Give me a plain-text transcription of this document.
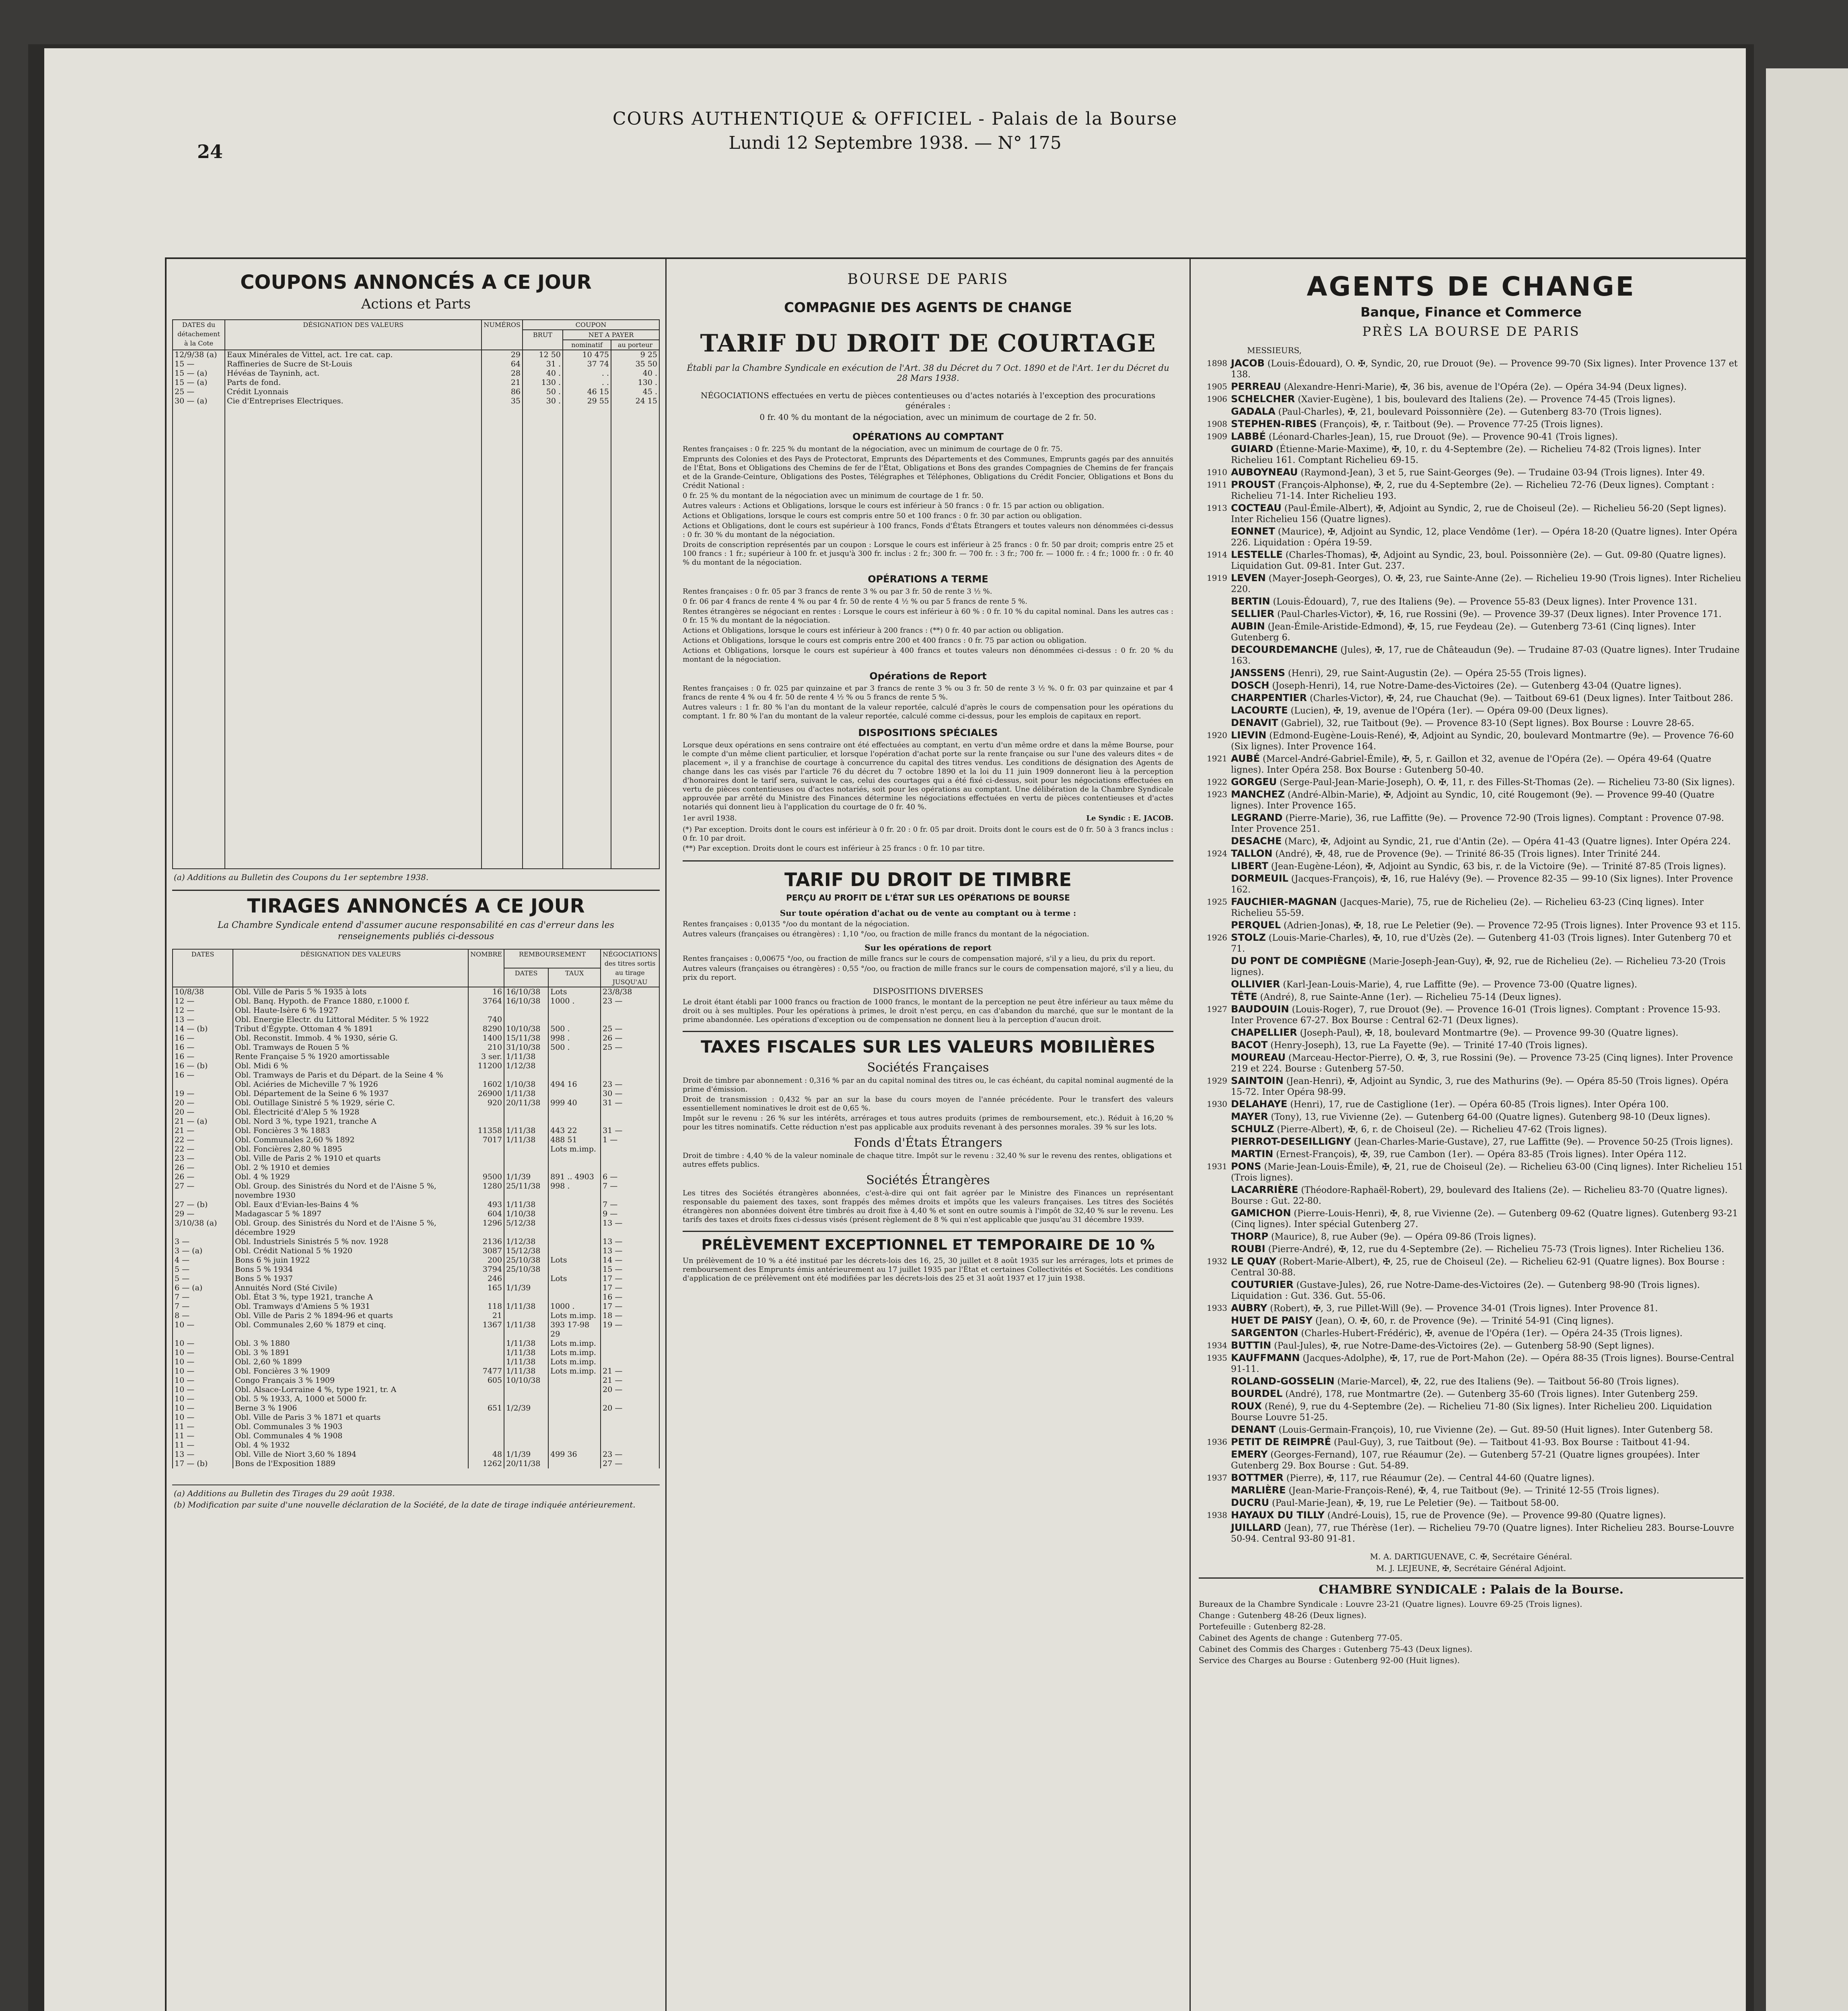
24
COURS AUTHENTIQUE & OFFICIEL - Palais de la Bourse
Lundi 12 Septembre 1938. — N° 175
COUPONS ANNONCÉS A CE JOUR
Actions et Parts
DATES du détachement à la Cote	DÉSIGNATION DES VALEURS	NUMÉROS	COUPON		
			BRUT	NET A PAYER	
				nominatif	au porteur
12/9/38 (a)	Eaux Minérales de Vittel, act. 1re cat. cap.	29	12 50	10 475	9 25
15 —	Raffineries de Sucre de St-Louis	64	31 .	37 74	35 50
15 — (a)	Hévéas de Tayninh, act.	28	40 .	. .	40 .
15 — (a)	Parts de fond.	21	130 .	. .	130 .
25 —	Crédit Lyonnais	86	50 .	46 15	45 .
30 — (a)	Cie d'Entreprises Electriques.	35	30 .	29 55	24 15

(a) Additions au Bulletin des Coupons du 1er septembre 1938.
TIRAGES ANNONCÉS A CE JOUR
La Chambre Syndicale entend d'assumer aucune responsabilité en cas d'erreur dans les renseignements publiés ci-dessous
DATES	DÉSIGNATION DES VALEURS	NOMBRE	REMBOURSEMENT		NÉGOCIATIONS des titres sortis au tirage JUSQU'AU
			DATES	TAUX	
10/8/38	Obl. Ville de Paris 5 % 1935 à lots	16	16/10/38	Lots	23/8/38
12 —	Obl. Banq. Hypoth. de France 1880, r.1000 f.	3764	16/10/38	1000 .	23 —
12 —	Obl. Haute-Isère 6 % 1927				
13 —	Obl. Energie Electr. du Littoral Méditer. 5 % 1922	740			
14 — (b)	Tribut d'Égypte. Ottoman 4 % 1891	8290	10/10/38	500 .	25 —
16 —	Obl. Reconstit. Immob. 4 % 1930, série G.	1400	15/11/38	998 .	26 —
16 —	Obl. Tramways de Rouen 5 %	210	31/10/38	500 .	25 —
16 —	Rente Française 5 % 1920 amortissable	3 ser.	1/11/38		
16 — (b)	Obl. Midi 6 %	11200	1/12/38		
16 —	Obl. Tramways de Paris et du Départ. de la Seine 4 %				
	Obl. Aciéries de Micheville 7 % 1926	1602	1/10/38	494 16	23 —
19 —	Obl. Département de la Seine 6 % 1937	26900	1/11/38		30 —
20 —	Obl. Outillage Sinistré 5 % 1929, série C.	920	20/11/38	999 40	31 —
20 —	Obl. Électricité d'Alep 5 % 1928				
21 — (a)	Obl. Nord 3 %, type 1921, tranche A				
21 —	Obl. Foncières 3 % 1883	11358	1/11/38	443 22	31 —
22 —	Obl. Communales 2,60 % 1892	7017	1/11/38	488 51	1 —
22 —	Obl. Foncières 2,80 % 1895			Lots m.imp.	
23 —	Obl. Ville de Paris 2 % 1910 et quarts				
26 —	Obl. 2 % 1910 et demies				
26 —	Obl. 4 % 1929	9500	1/1/39	891 .. 4903	6 —
27 —	Obl. Group. des Sinistrés du Nord et de l'Aisne 5 %, novembre 1930	1280	25/11/38	998 .	7 —
27 — (b)	Obl. Eaux d'Evian-les-Bains 4 %	493	1/11/38		7 —
29 —	Madagascar 5 % 1897	604	1/10/38		9 —
3/10/38 (a)	Obl. Group. des Sinistrés du Nord et de l'Aisne 5 %, décembre 1929	1296	5/12/38		13 —
3 —	Obl. Industriels Sinistrés 5 % nov. 1928	2136	1/12/38		13 —
3 — (a)	Obl. Crédit National 5 % 1920	3087	15/12/38		13 —
4 —	Bons 6 % juin 1922	200	25/10/38	Lots	14 —
5 —	Bons 5 % 1934	3794	25/10/38		15 —
5 —	Bons 5 % 1937	246		Lots	17 —
6 — (a)	Annuités Nord (Sté Civile)	165	1/1/39		17 —
7 —	Obl. État 3 %, type 1921, tranche A				16 —
7 —	Obl. Tramways d'Amiens 5 % 1931	118	1/11/38	1000 .	17 —
8 —	Obl. Ville de Paris 2 % 1894-96 et quarts	21		Lots m.imp.	18 —
10 —	Obl. Communales 2,60 % 1879 et cinq.	1367	1/11/38	393 17-98 29	19 —
10 —	Obl. 3 % 1880		1/11/38	Lots m.imp.	
10 —	Obl. 3 % 1891		1/11/38	Lots m.imp.	
10 —	Obl. 2,60 % 1899		1/11/38	Lots m.imp.	
10 —	Obl. Foncières 3 % 1909	7477	1/11/38	Lots m.imp.	21 —
10 —	Congo Français 3 % 1909	605	10/10/38		21 —
10 —	Obl. Alsace-Lorraine 4 %, type 1921, tr. A				20 —
10 —	Obl. 5 % 1933, A, 1000 et 5000 fr.				
10 —	Berne 3 % 1906	651	1/2/39		20 —
10 —	Obl. Ville de Paris 3 % 1871 et quarts				
11 —	Obl. Communales 3 % 1903				
11 —	Obl. Communales 4 % 1908				
11 —	Obl. 4 % 1932				
13 —	Obl. Ville de Niort 3,60 % 1894	48	1/1/39	499 36	23 —
17 — (b)	Bons de l'Exposition 1889	1262	20/11/38		27 —

(a) Additions au Bulletin des Tirages du 29 août 1938.

(b) Modification par suite d'une nouvelle déclaration de la Société, de la date de tirage indiquée antérieurement.

BOURSE DE PARIS
COMPAGNIE DES AGENTS DE CHANGE
TARIF DU DROIT DE COURTAGE
Établi par la Chambre Syndicale en exécution de l'Art. 38 du Décret du 7 Oct. 1890 et de l'Art. 1er du Décret du 28 Mars 1938.
NÉGOCIATIONS effectuées en vertu de pièces contentieuses ou d'actes notariés à l'exception des procurations générales :
0 fr. 40 % du montant de la négociation, avec un minimum de courtage de 2 fr. 50.
OPÉRATIONS AU COMPTANT

Rentes françaises : 0 fr. 225 % du montant de la négociation, avec un minimum de courtage de 0 fr. 75.

Emprunts des Colonies et des Pays de Protectorat, Emprunts des Départements et des Communes, Emprunts gagés par des annuités de l'État, Bons et Obligations des Chemins de fer de l'État, Obligations et Bons des grandes Compagnies de Chemins de fer français et de la Grande-Ceinture, Obligations des Postes, Télégraphes et Téléphones, Obligations du Crédit Foncier, Obligations et Bons du Crédit National :

0 fr. 25 % du montant de la négociation avec un minimum de courtage de 1 fr. 50.

Autres valeurs : Actions et Obligations, lorsque le cours est inférieur à 50 francs : 0 fr. 15 par action ou obligation.

Actions et Obligations, lorsque le cours est compris entre 50 et 100 francs : 0 fr. 30 par action ou obligation.

Actions et Obligations, dont le cours est supérieur à 100 francs, Fonds d'États Étrangers et toutes valeurs non dénommées ci-dessus : 0 fr. 30 % du montant de la négociation.

Droits de conscription représentés par un coupon : Lorsque le cours est inférieur à 25 francs : 0 fr. 50 par droit; compris entre 25 et 100 francs : 1 fr.; supérieur à 100 fr. et jusqu'à 300 fr. inclus : 2 fr.; 300 fr. — 700 fr. : 3 fr.; 700 fr. — 1000 fr. : 4 fr.; 1000 fr. : 0 fr. 40 % du montant de la négociation.

OPÉRATIONS A TERME

Rentes françaises : 0 fr. 05 par 3 francs de rente 3 % ou par 3 fr. 50 de rente 3 ½ %.

0 fr. 06 par 4 francs de rente 4 % ou par 4 fr. 50 de rente 4 ½ % ou par 5 francs de rente 5 %.

Rentes étrangères se négociant en rentes : Lorsque le cours est inférieur à 60 % : 0 fr. 10 % du capital nominal. Dans les autres cas : 0 fr. 15 % du montant de la négociation.

Actions et Obligations, lorsque le cours est inférieur à 200 francs : (**) 0 fr. 40 par action ou obligation.

Actions et Obligations, lorsque le cours est compris entre 200 et 400 francs : 0 fr. 75 par action ou obligation.

Actions et Obligations, lorsque le cours est supérieur à 400 francs et toutes valeurs non dénommées ci-dessus : 0 fr. 20 % du montant de la négociation.

Opérations de Report

Rentes françaises : 0 fr. 025 par quinzaine et par 3 francs de rente 3 % ou 3 fr. 50 de rente 3 ½ %. 0 fr. 03 par quinzaine et par 4 francs de rente 4 % ou 4 fr. 50 de rente 4 ½ % ou 5 francs de rente 5 %.

Autres valeurs : 1 fr. 80 % l'an du montant de la valeur reportée, calculé d'après le cours de compensation pour les opérations du comptant. 1 fr. 80 % l'an du montant de la valeur reportée, calculé comme ci-dessus, pour les emplois de capitaux en report.

DISPOSITIONS SPÉCIALES
Lorsque deux opérations en sens contraire ont été effectuées au comptant, en vertu d'un même ordre et dans la même Bourse, pour le compte d'un même client particulier, et lorsque l'opération d'achat porte sur la rente française ou sur l'une des valeurs dites « de placement », il y a franchise de courtage à concurrence du capital des titres vendus. Les conditions de désignation des Agents de change dans les cas visés par l'article 76 du décret du 7 octobre 1890 et la loi du 11 juin 1909 donneront lieu à la perception d'honoraires dont le tarif sera, suivant le cas, celui des courtages qui a été fixé ci-dessus, soit pour les négociations effectuées en vertu de pièces contentieuses ou d'actes notariés, soit pour les opérations au comptant. Une délibération de la Chambre Syndicale approuvée par arrêté du Ministre des Finances détermine les négociations effectuées en vertu de pièces contentieuses et d'actes notariés qui donnent lieu à l'application du courtage de 0 fr. 40 %.
1er avril 1938.	Le Syndic : E. JACOB.

(*) Par exception. Droits dont le cours est inférieur à 0 fr. 20 : 0 fr. 05 par droit. Droits dont le cours est de 0 fr. 50 à 3 francs inclus : 0 fr. 10 par droit.

(**) Par exception. Droits dont le cours est inférieur à 25 francs : 0 fr. 10 par titre.

TARIF DU DROIT DE TIMBRE
PERÇU AU PROFIT DE L'ÉTAT SUR LES OPÉRATIONS DE BOURSE
Sur toute opération d'achat ou de vente au comptant ou à terme :

Rentes françaises : 0,0135 °/oo du montant de la négociation.

Autres valeurs (françaises ou étrangères) : 1,10 °/oo, ou fraction de mille francs du montant de la négociation.

Sur les opérations de report

Rentes françaises : 0,00675 °/oo, ou fraction de mille francs sur le cours de compensation majoré, s'il y a lieu, du prix du report.

Autres valeurs (françaises ou étrangères) : 0,55 °/oo, ou fraction de mille francs sur le cours de compensation majoré, s'il y a lieu, du prix du report.

DISPOSITIONS DIVERSES
Le droit étant établi par 1000 francs ou fraction de 1000 francs, le montant de la perception ne peut être inférieur au taux même du droit ou à ses multiples. Pour les opérations à primes, le droit n'est perçu, en cas d'abandon du marché, que sur le montant de la prime abandonnée. Les opérations d'exception ou de compensation ne donnent lieu à la perception d'aucun droit.
TAXES FISCALES SUR LES VALEURS MOBILIÈRES
Sociétés Françaises

Droit de timbre par abonnement : 0,316 % par an du capital nominal des titres ou, le cas échéant, du capital nominal augmenté de la prime d'émission.

Droit de transmission : 0,432 % par an sur la base du cours moyen de l'année précédente. Pour le transfert des valeurs essentiellement nominatives le droit est de 0,65 %.

Impôt sur le revenu : 26 % sur les intérêts, arrérages et tous autres produits (primes de remboursement, etc.). Réduit à 16,20 % pour les titres nominatifs. Cette réduction n'est pas applicable aux produits revenant à des personnes morales. 39 % sur les lots.

Fonds d'États Étrangers
Droit de timbre : 4,40 % de la valeur nominale de chaque titre. Impôt sur le revenu : 32,40 % sur le revenu des rentes, obligations et autres effets publics.
Sociétés Étrangères
Les titres des Sociétés étrangères abonnées, c'est-à-dire qui ont fait agréer par le Ministre des Finances un représentant responsable du paiement des taxes, sont frappés des mêmes droits et impôts que les valeurs françaises. Les titres des Sociétés étrangères non abonnées doivent être timbrés au droit fixe à 4,40 % et sont en outre soumis à l'impôt de 32,40 % sur le revenu. Les tarifs des taxes et droits fixes ci-dessus visés (présent règlement de 8 % qui n'est applicable que jusqu'au 31 décembre 1939.
PRÉLÈVEMENT EXCEPTIONNEL ET TEMPORAIRE DE 10 %
Un prélèvement de 10 % a été institué par les décrets-lois des 16, 25, 30 juillet et 8 août 1935 sur les arrérages, lots et primes de remboursement des Emprunts émis antérieurement au 17 juillet 1935 par l'État et certaines Collectivités et Sociétés. Les conditions d'application de ce prélèvement ont été modifiées par les décrets-lois des 25 et 31 août 1937 et 17 juin 1938.
AGENTS DE CHANGE
Banque, Finance et Commerce
PRÈS LA BOURSE DE PARIS
MESSIEURS,
1898 JACOB (Louis-Édouard), O. ✠, Syndic, 20, rue Drouot (9e). — Provence 99-70 (Six lignes). Inter Provence 137 et 138.
1905 PERREAU (Alexandre-Henri-Marie), ✠, 36 bis, avenue de l'Opéra (2e). — Opéra 34-94 (Deux lignes).
1906 SCHELCHER (Xavier-Eugène), 1 bis, boulevard des Italiens (2e). — Provence 74-45 (Trois lignes).
GADALA (Paul-Charles), ✠, 21, boulevard Poissonnière (2e). — Gutenberg 83-70 (Trois lignes).
1908 STEPHEN-RIBES (François), ✠, r. Taitbout (9e). — Provence 77-25 (Trois lignes).
1909 LABBÉ (Léonard-Charles-Jean), 15, rue Drouot (9e). — Provence 90-41 (Trois lignes).
GUIARD (Étienne-Marie-Maxime), ✠, 10, r. du 4-Septembre (2e). — Richelieu 74-82 (Trois lignes). Inter Richelieu 161. Comptant Richelieu 69-15.
1910 AUBOYNEAU (Raymond-Jean), 3 et 5, rue Saint-Georges (9e). — Trudaine 03-94 (Trois lignes). Inter 49.
1911 PROUST (François-Alphonse), ✠, 2, rue du 4-Septembre (2e). — Richelieu 72-76 (Deux lignes). Comptant : Richelieu 71-14. Inter Richelieu 193.
1913 COCTEAU (Paul-Émile-Albert), ✠, Adjoint au Syndic, 2, rue de Choiseul (2e). — Richelieu 56-20 (Sept lignes). Inter Richelieu 156 (Quatre lignes).
EONNET (Maurice), ✠, Adjoint au Syndic, 12, place Vendôme (1er). — Opéra 18-20 (Quatre lignes). Inter Opéra 226. Liquidation : Opéra 19-59.
1914 LESTELLE (Charles-Thomas), ✠, Adjoint au Syndic, 23, boul. Poissonnière (2e). — Gut. 09-80 (Quatre lignes). Liquidation Gut. 09-81. Inter Gut. 237.
1919 LEVEN (Mayer-Joseph-Georges), O. ✠, 23, rue Sainte-Anne (2e). — Richelieu 19-90 (Trois lignes). Inter Richelieu 220.
BERTIN (Louis-Édouard), 7, rue des Italiens (9e). — Provence 55-83 (Deux lignes). Inter Provence 131.
SELLIER (Paul-Charles-Victor), ✠, 16, rue Rossini (9e). — Provence 39-37 (Deux lignes). Inter Provence 171.
AUBIN (Jean-Émile-Aristide-Edmond), ✠, 15, rue Feydeau (2e). — Gutenberg 73-61 (Cinq lignes). Inter Gutenberg 6.
DECOURDEMANCHE (Jules), ✠, 17, rue de Châteaudun (9e). — Trudaine 87-03 (Quatre lignes). Inter Trudaine 163.
JANSSENS (Henri), 29, rue Saint-Augustin (2e). — Opéra 25-55 (Trois lignes).
DOSCH (Joseph-Henri), 14, rue Notre-Dame-des-Victoires (2e). — Gutenberg 43-04 (Quatre lignes).
CHARPENTIER (Charles-Victor), ✠, 24, rue Chauchat (9e). — Taitbout 69-61 (Deux lignes). Inter Taitbout 286.
LACOURTE (Lucien), ✠, 19, avenue de l'Opéra (1er). — Opéra 09-00 (Deux lignes).
DENAVIT (Gabriel), 32, rue Taitbout (9e). — Provence 83-10 (Sept lignes). Box Bourse : Louvre 28-65.
1920 LIEVIN (Edmond-Eugène-Louis-René), ✠, Adjoint au Syndic, 20, boulevard Montmartre (9e). — Provence 76-60 (Six lignes). Inter Provence 164.
1921 AUBÉ (Marcel-André-Gabriel-Émile), ✠, 5, r. Gaillon et 32, avenue de l'Opéra (2e). — Opéra 49-64 (Quatre lignes). Inter Opéra 258. Box Bourse : Gutenberg 50-40.
1922 GORGEU (Serge-Paul-Jean-Marie-Joseph), O. ✠, 11, r. des Filles-St-Thomas (2e). — Richelieu 73-80 (Six lignes).
1923 MANCHEZ (André-Albin-Marie), ✠, Adjoint au Syndic, 10, cité Rougemont (9e). — Provence 99-40 (Quatre lignes). Inter Provence 165.
LEGRAND (Pierre-Marie), 36, rue Laffitte (9e). — Provence 72-90 (Trois lignes). Comptant : Provence 07-98. Inter Provence 251.
DESACHE (Marc), ✠, Adjoint au Syndic, 21, rue d'Antin (2e). — Opéra 41-43 (Quatre lignes). Inter Opéra 224.
1924 TALLON (André), ✠, 48, rue de Provence (9e). — Trinité 86-35 (Trois lignes). Inter Trinité 244.
LIBERT (Jean-Eugène-Léon), ✠, Adjoint au Syndic, 63 bis, r. de la Victoire (9e). — Trinité 87-85 (Trois lignes).
DORMEUIL (Jacques-François), ✠, 16, rue Halévy (9e). — Provence 82-35 — 99-10 (Six lignes). Inter Provence 162.
1925 FAUCHIER-MAGNAN (Jacques-Marie), 75, rue de Richelieu (2e). — Richelieu 63-23 (Cinq lignes). Inter Richelieu 55-59.
PERQUEL (Adrien-Jonas), ✠, 18, rue Le Peletier (9e). — Provence 72-95 (Trois lignes). Inter Provence 93 et 115.
1926 STOLZ (Louis-Marie-Charles), ✠, 10, rue d'Uzès (2e). — Gutenberg 41-03 (Trois lignes). Inter Gutenberg 70 et 71.
DU PONT DE COMPIÈGNE (Marie-Joseph-Jean-Guy), ✠, 92, rue de Richelieu (2e). — Richelieu 73-20 (Trois lignes).
OLLIVIER (Karl-Jean-Louis-Marie), 4, rue Laffitte (9e). — Provence 73-00 (Quatre lignes).
TÊTE (André), 8, rue Sainte-Anne (1er). — Richelieu 75-14 (Deux lignes).
1927 BAUDOUIN (Louis-Roger), 7, rue Drouot (9e). — Provence 16-01 (Trois lignes). Comptant : Provence 15-93. Inter Provence 67-27. Box Bourse : Central 62-71 (Deux lignes).
CHAPELLIER (Joseph-Paul), ✠, 18, boulevard Montmartre (9e). — Provence 99-30 (Quatre lignes).
BACOT (Henry-Joseph), 13, rue La Fayette (9e). — Trinité 17-40 (Trois lignes).
MOUREAU (Marceau-Hector-Pierre), O. ✠, 3, rue Rossini (9e). — Provence 73-25 (Cinq lignes). Inter Provence 219 et 224. Bourse : Gutenberg 57-50.
1929 SAINTOIN (Jean-Henri), ✠, Adjoint au Syndic, 3, rue des Mathurins (9e). — Opéra 85-50 (Trois lignes). Opéra 15-72. Inter Opéra 98-99.
1930 DELAHAYE (Henri), 17, rue de Castiglione (1er). — Opéra 60-85 (Trois lignes). Inter Opéra 100.
MAYER (Tony), 13, rue Vivienne (2e). — Gutenberg 64-00 (Quatre lignes). Gutenberg 98-10 (Deux lignes).
SCHULZ (Pierre-Albert), ✠, 6, r. de Choiseul (2e). — Richelieu 47-62 (Trois lignes).
PIERROT-DESEILLIGNY (Jean-Charles-Marie-Gustave), 27, rue Laffitte (9e). — Provence 50-25 (Trois lignes).
MARTIN (Ernest-François), ✠, 39, rue Cambon (1er). — Opéra 83-85 (Trois lignes). Inter Opéra 112.
1931 PONS (Marie-Jean-Louis-Émile), ✠, 21, rue de Choiseul (2e). — Richelieu 63-00 (Cinq lignes). Inter Richelieu 151 (Trois lignes).
LACARRIÈRE (Théodore-Raphaël-Robert), 29, boulevard des Italiens (2e). — Richelieu 83-70 (Quatre lignes). Bourse : Gut. 22-80.
GAMICHON (Pierre-Louis-Henri), ✠, 8, rue Vivienne (2e). — Gutenberg 09-62 (Quatre lignes). Gutenberg 93-21 (Cinq lignes). Inter spécial Gutenberg 27.
THORP (Maurice), 8, rue Auber (9e). — Opéra 09-86 (Trois lignes).
ROUBI (Pierre-André), ✠, 12, rue du 4-Septembre (2e). — Richelieu 75-73 (Trois lignes). Inter Richelieu 136.
1932 LE QUAY (Robert-Marie-Albert), ✠, 25, rue de Choiseul (2e). — Richelieu 62-91 (Quatre lignes). Box Bourse : Central 30-88.
COUTURIER (Gustave-Jules), 26, rue Notre-Dame-des-Victoires (2e). — Gutenberg 98-90 (Trois lignes). Liquidation : Gut. 336. Gut. 55-06.
1933 AUBRY (Robert), ✠, 3, rue Pillet-Will (9e). — Provence 34-01 (Trois lignes). Inter Provence 81.
HUET DE PAISY (Jean), O. ✠, 60, r. de Provence (9e). — Trinité 54-91 (Cinq lignes).
SARGENTON (Charles-Hubert-Frédéric), ✠, avenue de l'Opéra (1er). — Opéra 24-35 (Trois lignes).
1934 BUTTIN (Paul-Jules), ✠, rue Notre-Dame-des-Victoires (2e). — Gutenberg 58-90 (Sept lignes).
1935 KAUFFMANN (Jacques-Adolphe), ✠, 17, rue de Port-Mahon (2e). — Opéra 88-35 (Trois lignes). Bourse-Central 91-11.
ROLAND-GOSSELIN (Marie-Marcel), ✠, 22, rue des Italiens (9e). — Taitbout 56-80 (Trois lignes).
BOURDEL (André), 178, rue Montmartre (2e). — Gutenberg 35-60 (Trois lignes). Inter Gutenberg 259.
ROUX (René), 9, rue du 4-Septembre (2e). — Richelieu 71-80 (Six lignes). Inter Richelieu 200. Liquidation Bourse Louvre 51-25.
DENANT (Louis-Germain-François), 10, rue Vivienne (2e). — Gut. 89-50 (Huit lignes). Inter Gutenberg 58.
1936 PETIT DE REIMPRÉ (Paul-Guy), 3, rue Taitbout (9e). — Taitbout 41-93. Box Bourse : Taitbout 41-94.
EMERY (Georges-Fernand), 107, rue Réaumur (2e). — Gutenberg 57-21 (Quatre lignes groupées). Inter Gutenberg 29. Box Bourse : Gut. 54-89.
1937 BOTTMER (Pierre), ✠, 117, rue Réaumur (2e). — Central 44-60 (Quatre lignes).
MARLIÈRE (Jean-Marie-François-René), ✠, 4, rue Taitbout (9e). — Trinité 12-55 (Trois lignes).
DUCRU (Paul-Marie-Jean), ✠, 19, rue Le Peletier (9e). — Taitbout 58-00.
1938 HAYAUX DU TILLY (André-Louis), 15, rue de Provence (9e). — Provence 99-80 (Quatre lignes).
JUILLARD (Jean), 77, rue Thérèse (1er). — Richelieu 79-70 (Quatre lignes). Inter Richelieu 283. Bourse-Louvre 50-94. Central 93-80 91-81.
M. A. DARTIGUENAVE, C. ✠, Secrétaire Général.
M. J. LEJEUNE, ✠, Secrétaire Général Adjoint.
CHAMBRE SYNDICALE : Palais de la Bourse.

Bureaux de la Chambre Syndicale : Louvre 23-21 (Quatre lignes). Louvre 69-25 (Trois lignes).

Change : Gutenberg 48-26 (Deux lignes).

Portefeuille : Gutenberg 82-28.

Cabinet des Agents de change : Gutenberg 77-05.

Cabinet des Commis des Charges : Gutenberg 75-43 (Deux lignes).

Service des Charges au Bourse : Gutenberg 92-00 (Huit lignes).
